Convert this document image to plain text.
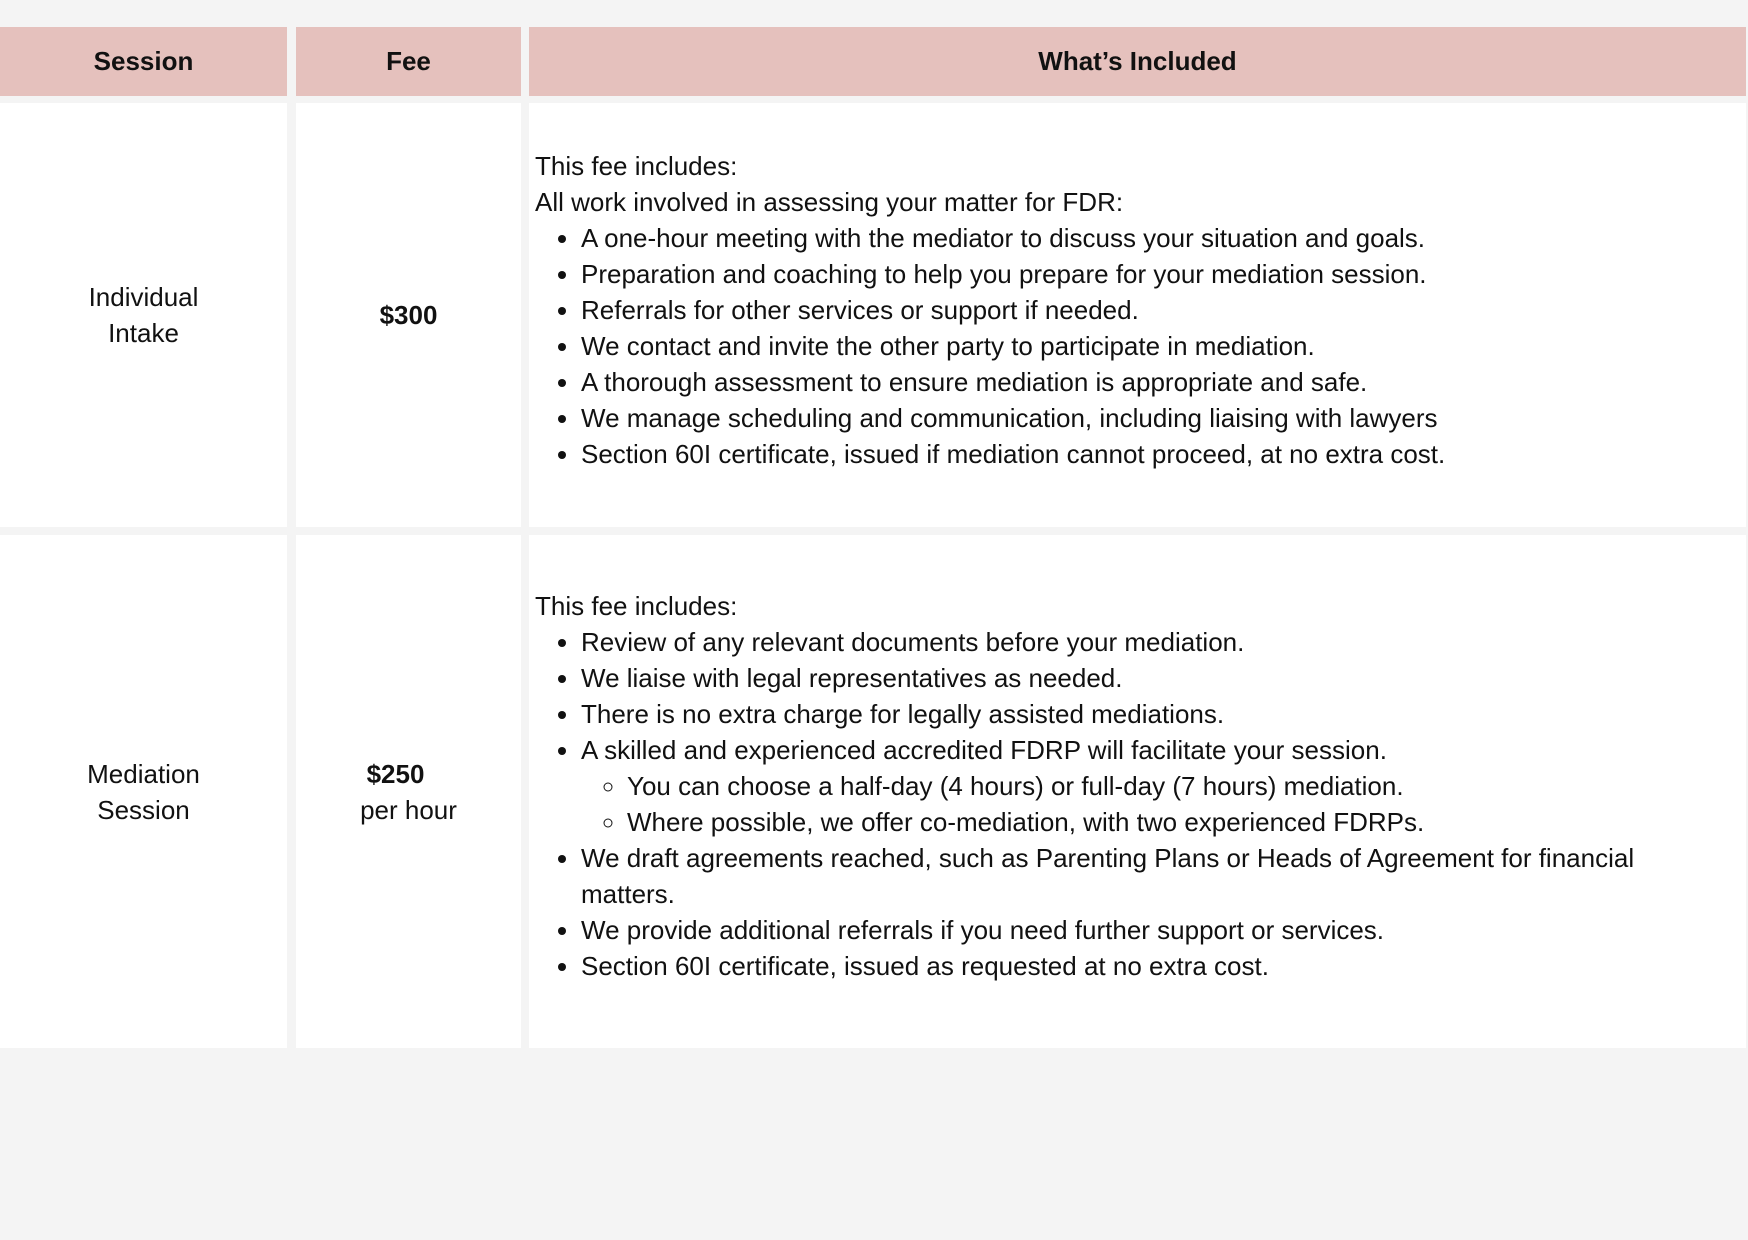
Session	Fee	What’s Included
Individual
Intake
$300

This fee includes:

All work involved in assessing your matter for FDR:

• A one-hour meeting with the mediator to discuss your situation and goals.
• Preparation and coaching to help you prepare for your mediation session.
• Referrals for other services or support if needed.
• We contact and invite the other party to participate in mediation.
• A thorough assessment to ensure mediation is appropriate and safe.
• We manage scheduling and communication, including liaising with lawyers
• Section 60I certificate, issued if mediation cannot proceed, at no extra cost.
Mediation
Session
$250
per hour

This fee includes:

• Review of any relevant documents before your mediation.
• We liaise with legal representatives as needed.
• There is no extra charge for legally assisted mediations.
• A skilled and experienced accredited FDRP will facilitate your session.
◦ You can choose a half-day (4 hours) or full-day (7 hours) mediation.
◦ Where possible, we offer co-mediation, with two experienced FDRPs.
• We draft agreements reached, such as Parenting Plans or Heads of Agreement for financial matters.
• We provide additional referrals if you need further support or services.
• Section 60I certificate, issued as requested at no extra cost.
